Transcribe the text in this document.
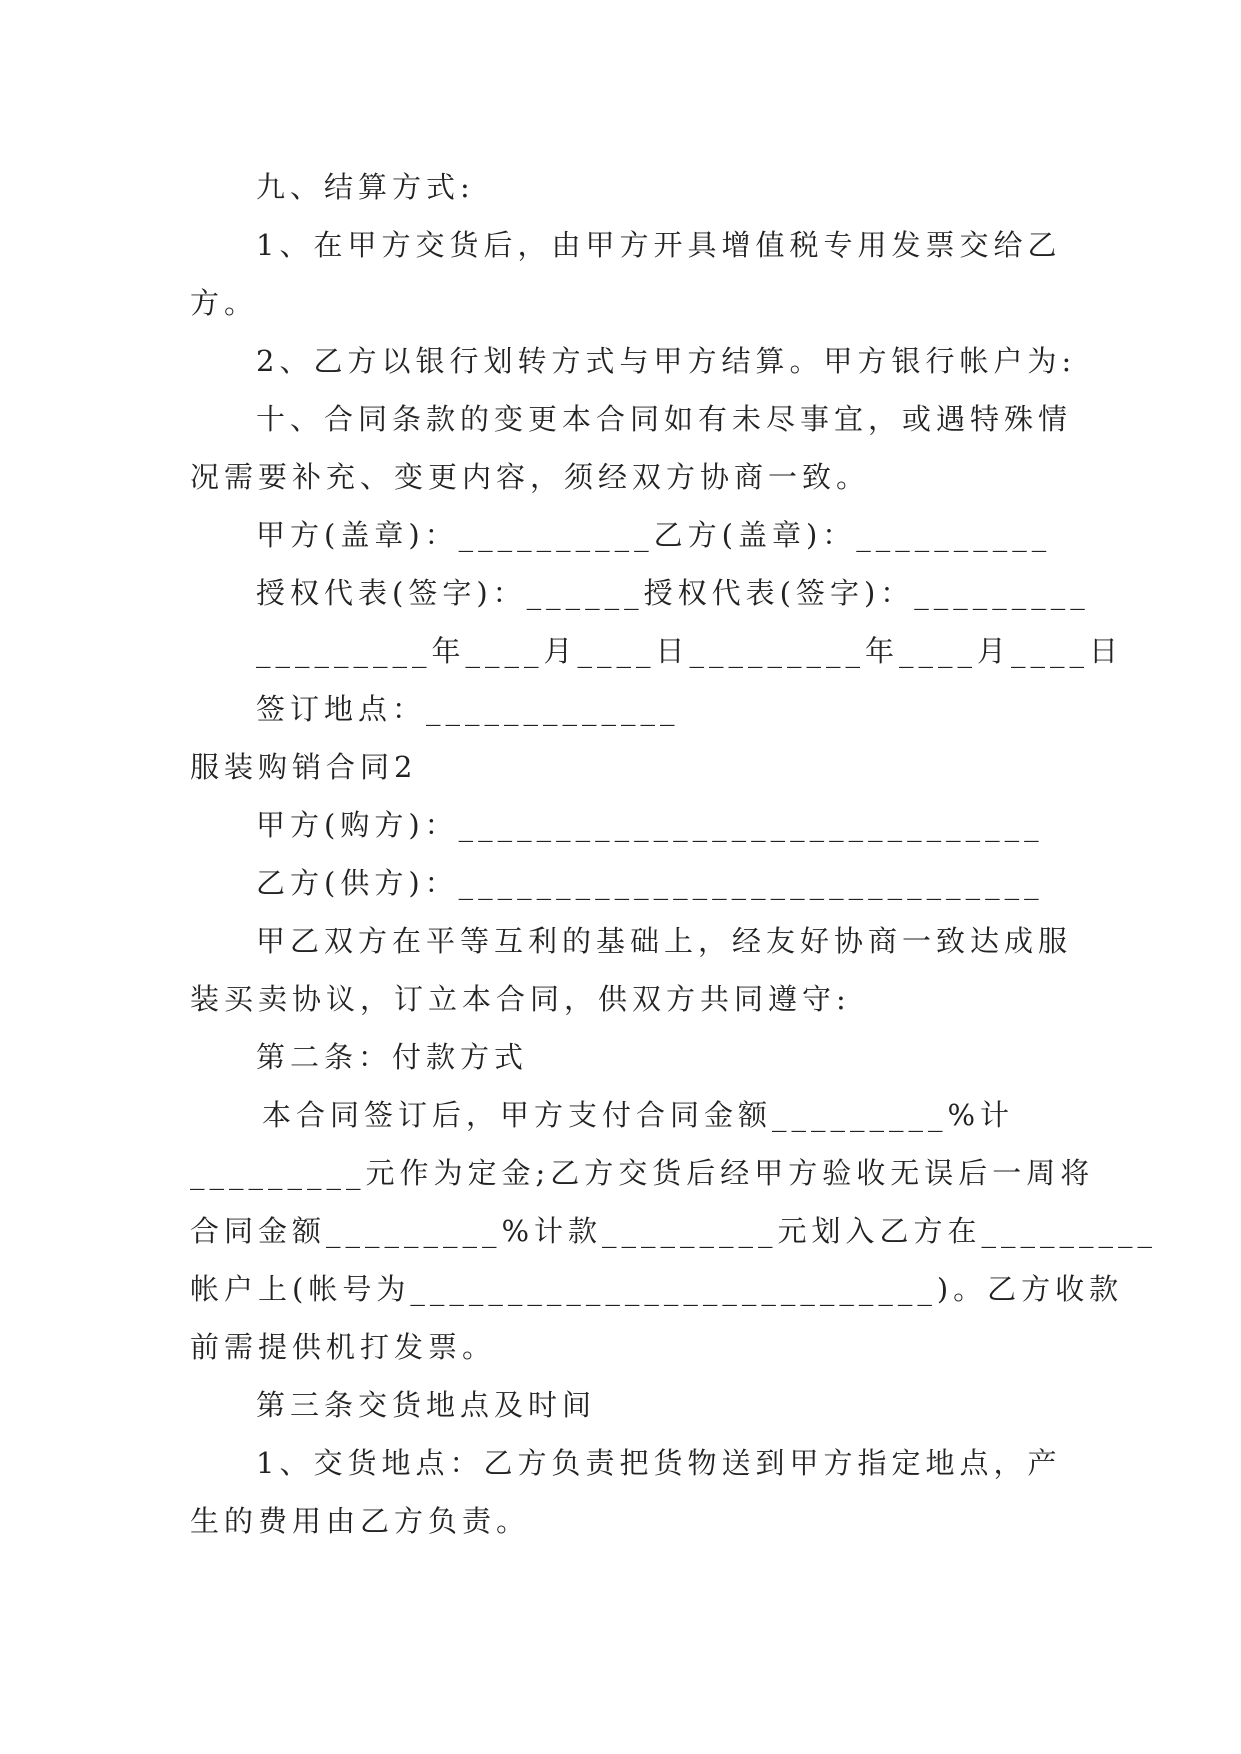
九、结算方式:
1、在甲方交货后，由甲方开具增值税专用发票交给乙
方。
2、乙方以银行划转方式与甲方结算。甲方银行帐户为:
十、合同条款的变更本合同如有未尽事宜，或遇特殊情
况需要补充、变更内容，须经双方协商一致。
甲方(盖章)：__________乙方(盖章)：__________
授权代表(签字)：______授权代表(签字)：_________
_________年____月____日_________年____月____日
签订地点：_____________
服装购销合同2
甲方(购方)：______________________________
乙方(供方)：______________________________
甲乙双方在平等互利的基础上，经友好协商一致达成服
装买卖协议，订立本合同，供双方共同遵守:
第二条：付款方式
本合同签订后，甲方支付合同金额_________%计
_________元作为定金;乙方交货后经甲方验收无误后一周将
合同金额_________%计款_________元划入乙方在_________
帐户上(帐号为___________________________)。乙方收款
前需提供机打发票。
第三条交货地点及时间
1、交货地点：乙方负责把货物送到甲方指定地点，产
生的费用由乙方负责。
